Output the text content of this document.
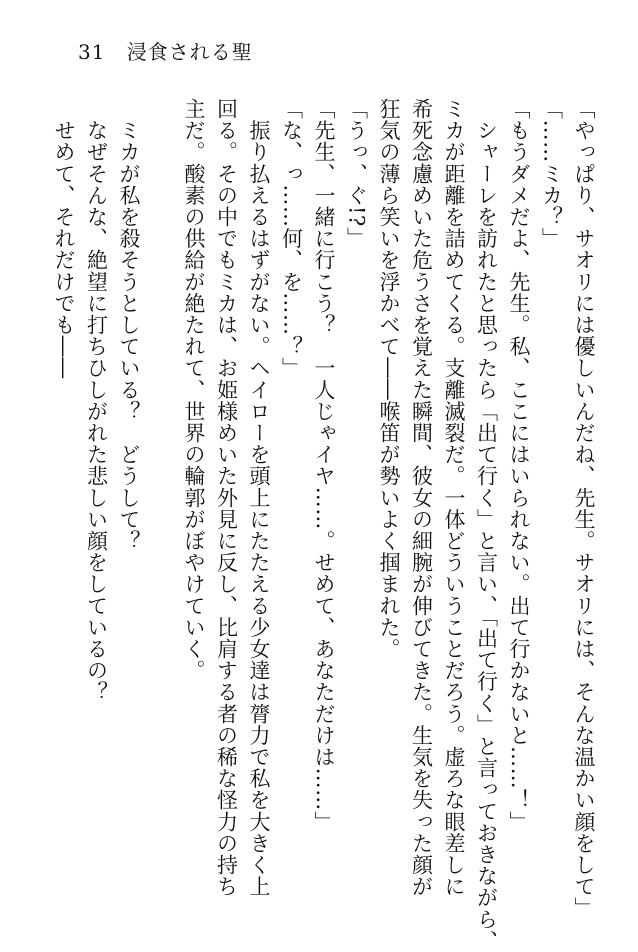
31 浸食される聖
「やっぱり、サオリには優しいんだね、先生。サオリには、そんな温かい顔をして」
「……ミカ？」
「もうダメだよ、先生。私、ここにはいられない。出て行かないと……！」
　シャーレを訪れたと思ったら「出て行く」と言い、「出て行く」と言っておきながら、
ミカが距離を詰めてくる。支離滅裂だ。一体どういうことだろう。虚ろな眼差しに
希死念慮めいた危うさを覚えた瞬間、彼女の細腕が伸びてきた。生気を失った顔が
狂気の薄ら笑いを浮かべて――喉笛が勢いよく掴まれた。
「うっ、ぐ!?」
「先生、一緒に行こう？　一人じゃイヤ……。せめて、あなただけは……」
「な、っ……何、を……？」
　振り払えるはずがない。ヘイローを頭上にたたえる少女達は膂力で私を大きく上
回る。その中でもミカは、お姫様めいた外見に反し、比肩する者の稀な怪力の持ち
主だ。酸素の供給が絶たれて、世界の輪郭がぼやけていく。

　ミカが私を殺そうとしている？　どうして？
　なぜそんな、絶望に打ちひしがれた悲しい顔をしているの？
　せめて、それだけでも――
